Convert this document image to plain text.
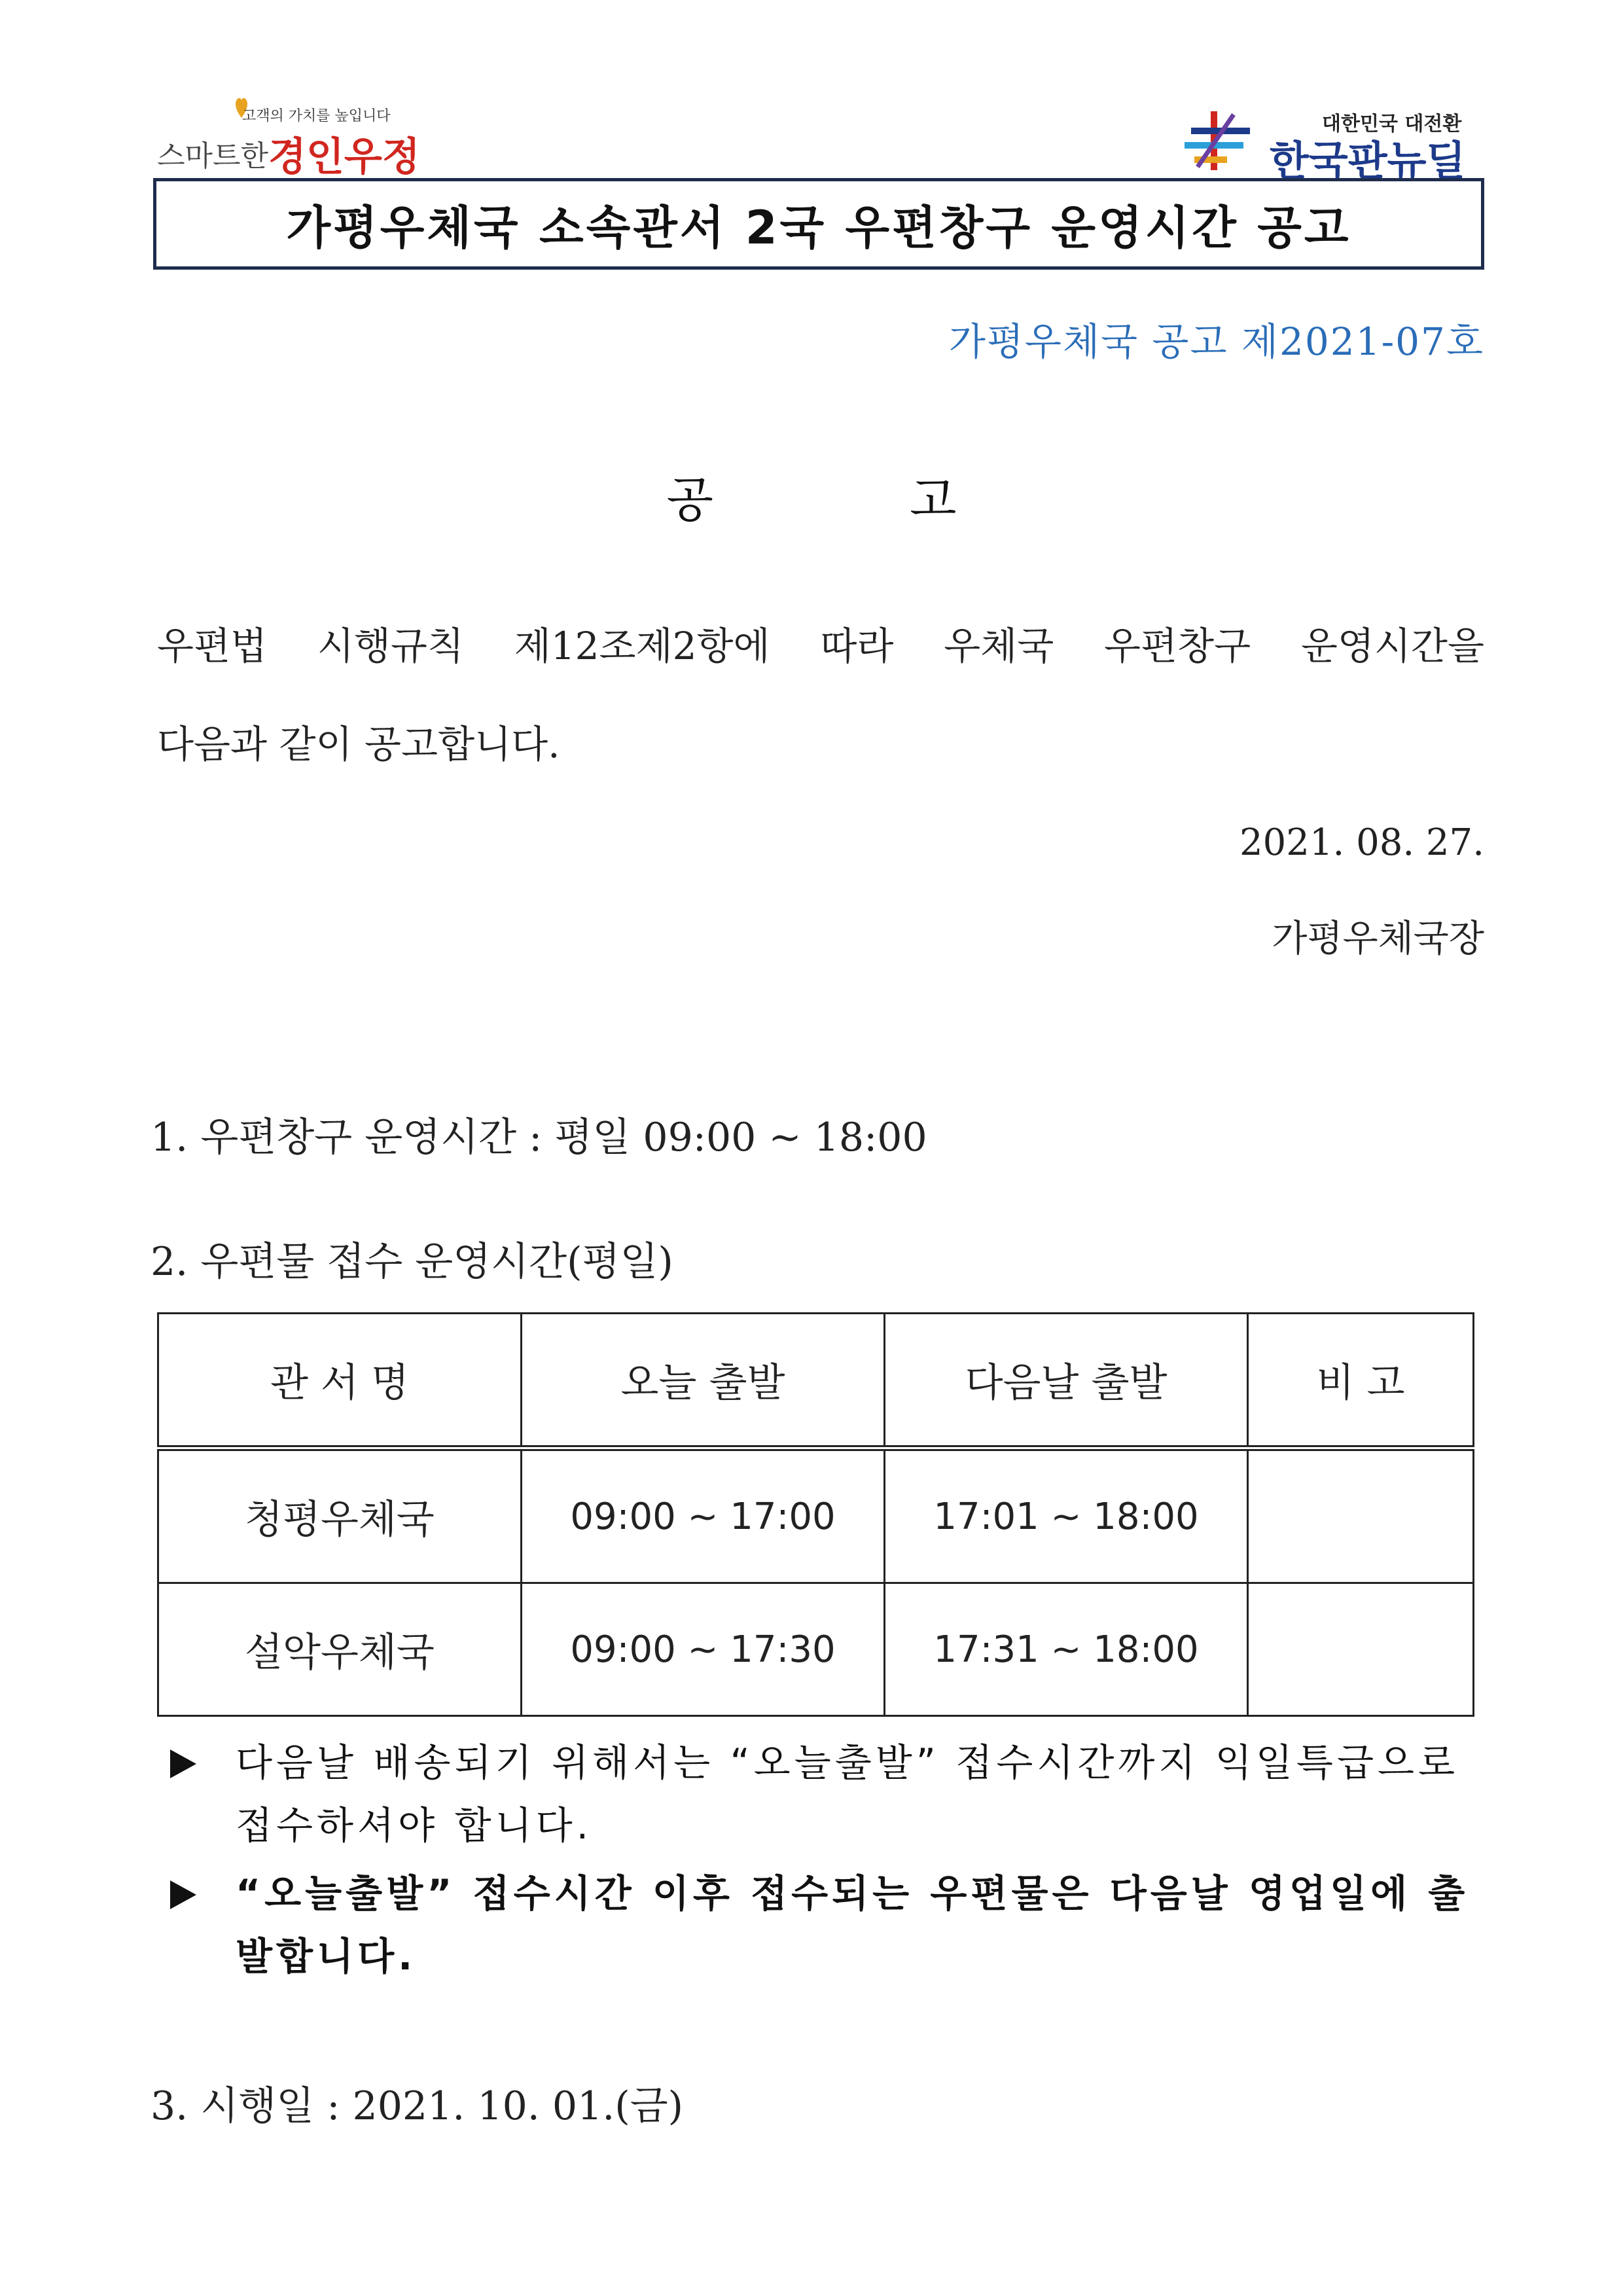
고객의 가치를 높입니다
스마트한 경인우정
대한민국 대전환
한국판뉴딜
가평우체국 소속관서 2국 우편창구 운영시간 공고
가평우체국 공고 제2021-07호
공고
우편법 시행규칙 제12조제2항에 따라 우체국 우편창구 운영시간을
다음과 같이 공고합니다.
2021. 08. 27.
가평우체국장
1. 우편창구 운영시간 : 평일 09:00 ~ 18:00
2. 우편물 접수 운영시간(평일)
관 서 명	오늘 출발	다음날 출발	비 고
청평우체국	09:00 ~ 17:00	17:01 ~ 18:00	
설악우체국	09:00 ~ 17:30	17:31 ~ 18:00	
다음날 배송되기 위해서는 “오늘출발” 접수시간까지 익일특급으로 접수하셔야 합니다.
“오늘출발” 접수시간 이후 접수되는 우편물은 다음날 영업일에 출발합니다.
3. 시행일 : 2021. 10. 01.(금)
